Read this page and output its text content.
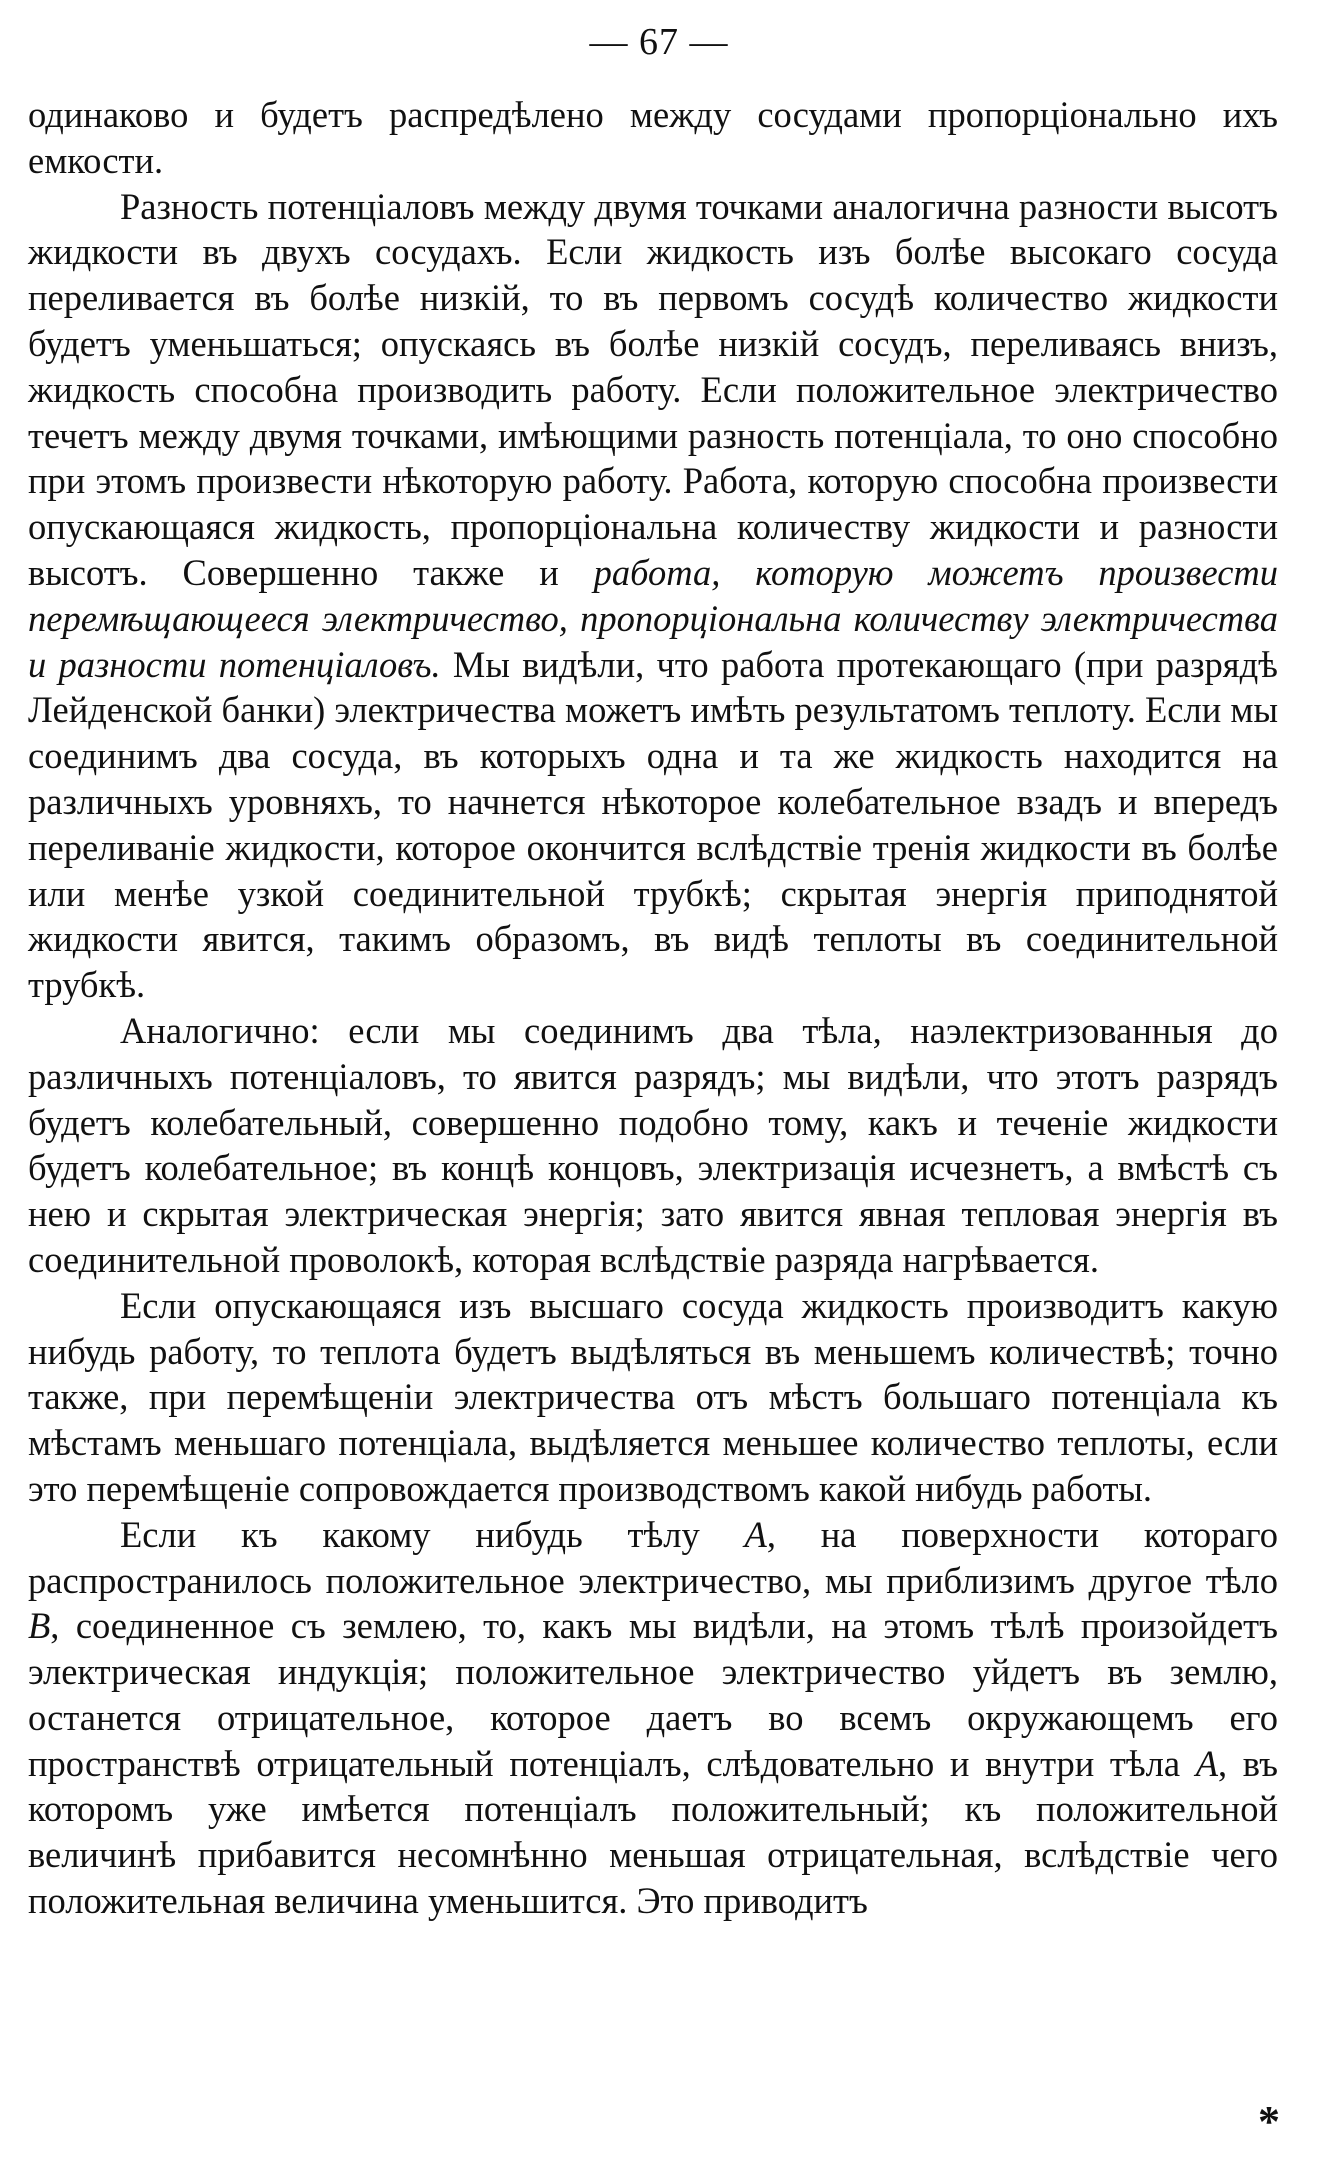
— 67 —

одинаково и будетъ распредѣлено между сосудами пропорціонально ихъ емкости.

Разность потенціаловъ между двумя точками аналогична разности высотъ жидкости въ двухъ сосудахъ. Если жидкость изъ болѣе высокаго сосуда переливается въ болѣе низкій, то въ первомъ сосудѣ количество жидкости будетъ уменьшаться; опускаясь въ болѣе низкій сосудъ, переливаясь внизъ, жидкость способна производить работу. Если положительное электричество течетъ между двумя точками, имѣющими разность потенціала, то оно способно при этомъ произвести нѣкоторую работу. Работа, которую способна произвести опускающаяся жидкость, пропорціональна количеству жидкости и разности высотъ. Совершенно также и работа, которую можетъ произвести перемѣщающееся электричество, пропорціональна количеству электричества и разности потенціаловъ. Мы видѣли, что работа протекающаго (при разрядѣ Лейденской банки) электричества можетъ имѣть результатомъ теплоту. Если мы соединимъ два сосуда, въ которыхъ одна и та же жидкость находится на различныхъ уровняхъ, то начнется нѣкоторое колебательное взадъ и впередъ переливаніе жидкости, которое окончится вслѣдствіе тренія жидкости въ болѣе или менѣе узкой соединительной трубкѣ; скрытая энергія приподнятой жидкости явится, такимъ образомъ, въ видѣ теплоты въ соединительной трубкѣ.

Аналогично: если мы соединимъ два тѣла, наэлектризованныя до различныхъ потенціаловъ, то явится разрядъ; мы видѣли, что этотъ разрядъ будетъ колебательный, совершенно подобно тому, какъ и теченіе жидкости будетъ колебательное; въ концѣ концовъ, электризація исчезнетъ, а вмѣстѣ съ нею и скрытая электрическая энергія; зато явится явная тепловая энергія въ соединительной проволокѣ, которая вслѣдствіе разряда нагрѣвается.

Если опускающаяся изъ высшаго сосуда жидкость производитъ какую нибудь работу, то теплота будетъ выдѣляться въ меньшемъ количествѣ; точно также, при перемѣщеніи электричества отъ мѣстъ большаго потенціала къ мѣстамъ меньшаго потенціала, выдѣляется меньшее количество теплоты, если это перемѣщеніе сопровождается производствомъ какой нибудь работы.

Если къ какому нибудь тѣлу A, на поверхности котораго распространилось положительное электричество, мы приблизимъ другое тѣло B, соединенное съ землею, то, какъ мы видѣли, на этомъ тѣлѣ произойдетъ электрическая индукція; положительное электричество уйдетъ въ землю, останется отрицательное, которое даетъ во всемъ окружающемъ его пространствѣ отрицательный потенціалъ, слѣдовательно и внутри тѣла A, въ которомъ уже имѣется потенціалъ положительный; къ положительной величинѣ прибавится несомнѣнно меньшая отрицательная, вслѣдствіе чего положительная величина уменьшится. Это приводитъ

*
